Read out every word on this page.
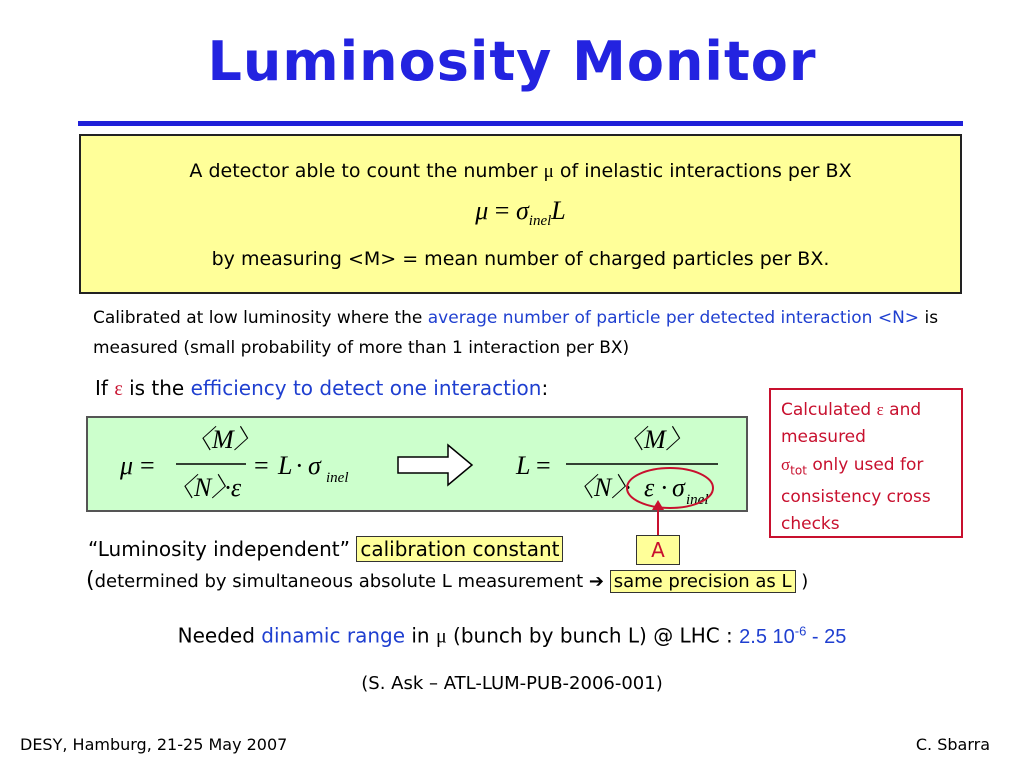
Luminosity Monitor
A detector able to count the number μ of inelastic interactions per BX
$\mu = \sigma_{inel}L$
by measuring <M> = mean number of charged particles per BX.
Calibrated at low luminosity where the average number of particle per detected interaction <N> is measured (small probability of more than 1 interaction per BX)
If ε is the efficiency to detect one interaction:
μ =
〈M〉
〈N〉·ε
= L · σ inel	L =
〈M〉
〈N〉· ε · σ inel
Calculated ε and measured
$\sigma_{tot}$ only used for consistency cross checks
“Luminosity independent” calibration constant	A
(determined by simultaneous absolute L measurement ➔ same precision as L )
Needed dinamic range in μ (bunch by bunch L) @ LHC : 2.5 $10^{-6} - 25$
(S. Ask – ATL-LUM-PUB-2006-001)
DESY, Hamburg, 21-25 May 2007	C. Sbarra
